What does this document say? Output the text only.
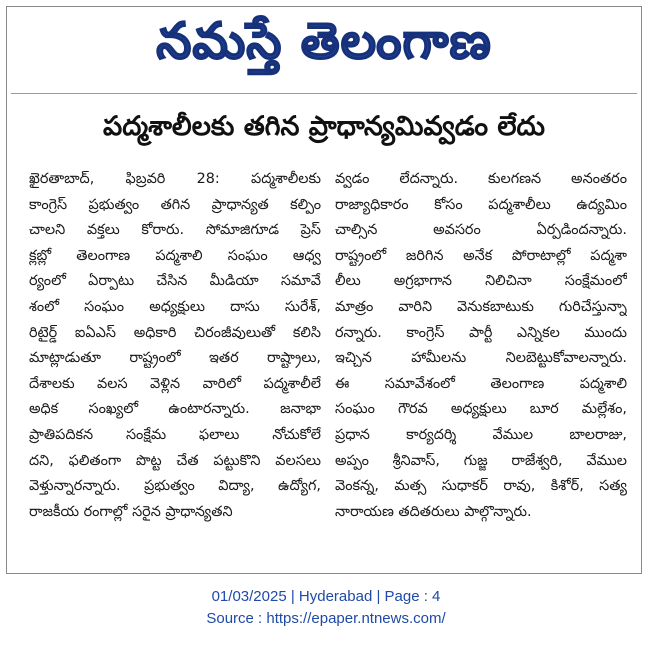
నమస్తే తెలంగాణ
పద్మశాలీలకు తగిన ప్రాధాన్యమివ్వడం లేదు
ఖైరతాబాద్, ఫిబ్రవరి 28: పద్మశాలీలకు
కాంగ్రెస్ ప్రభుత్వం తగిన ప్రాధాన్యత కల్పిం
చాలని వక్తలు కోరారు. సోమాజిగూడ ప్రెస్
క్లబ్లో తెలంగాణ పద్మశాలి సంఘం ఆధ్వ
ర్యంలో ఏర్పాటు చేసిన మీడియా సమావే
శంలో సంఘం అధ్యక్షులు దాసు సురేశ్,
రిటైర్డ్ ఐఏఎస్ అధికారి చిరంజీవులుతో కలిసి
మాట్లాడుతూ రాష్ట్రంలో ఇతర రాష్ట్రాలు,
దేశాలకు వలస వెళ్లిన వారిలో పద్మశాలీలే
అధిక సంఖ్యలో ఉంటారన్నారు. జనాభా
ప్రాతిపదికన సంక్షేమ ఫలాలు నోచుకోలే
దని, ఫలితంగా పొట్ట చేత పట్టుకొని వలసలు
వెళ్తున్నారన్నారు. ప్రభుత్వం విద్యా, ఉద్యోగ,
రాజకీయ రంగాల్లో సరైన ప్రాధాన్యతని
వ్వడం లేదన్నారు. కులగణన అనంతరం
రాజ్యాధికారం కోసం పద్మశాలీలు ఉద్యమిం
చాల్సిన అవసరం ఏర్పడిందన్నారు.
రాష్ట్రంలో జరిగిన అనేక పోరాటాల్లో పద్మశా
లీలు అగ్రభాగాన నిలిచినా సంక్షేమంలో
మాత్రం వారిని వెనుకబాటుకు గురిచేస్తున్నా
రన్నారు. కాంగ్రెస్ పార్టీ ఎన్నికల ముందు
ఇచ్చిన హామీలను నిలబెట్టుకోవాలన్నారు.
ఈ సమావేశంలో తెలంగాణ పద్మశాలి
సంఘం గౌరవ అధ్యక్షులు బూర మల్లేశం,
ప్రధాన కార్యదర్శి వేముల బాలరాజు,
అప్పం శ్రీనివాస్, గుజ్జ రాజేశ్వరి, వేముల
వెంకన్న, మత్స సుధాకర్ రావు, కిశోర్, సత్య
నారాయణ తదితరులు పాల్గొన్నారు.
01/03/2025 | Hyderabad | Page : 4
Source : https://epaper.ntnews.com/
